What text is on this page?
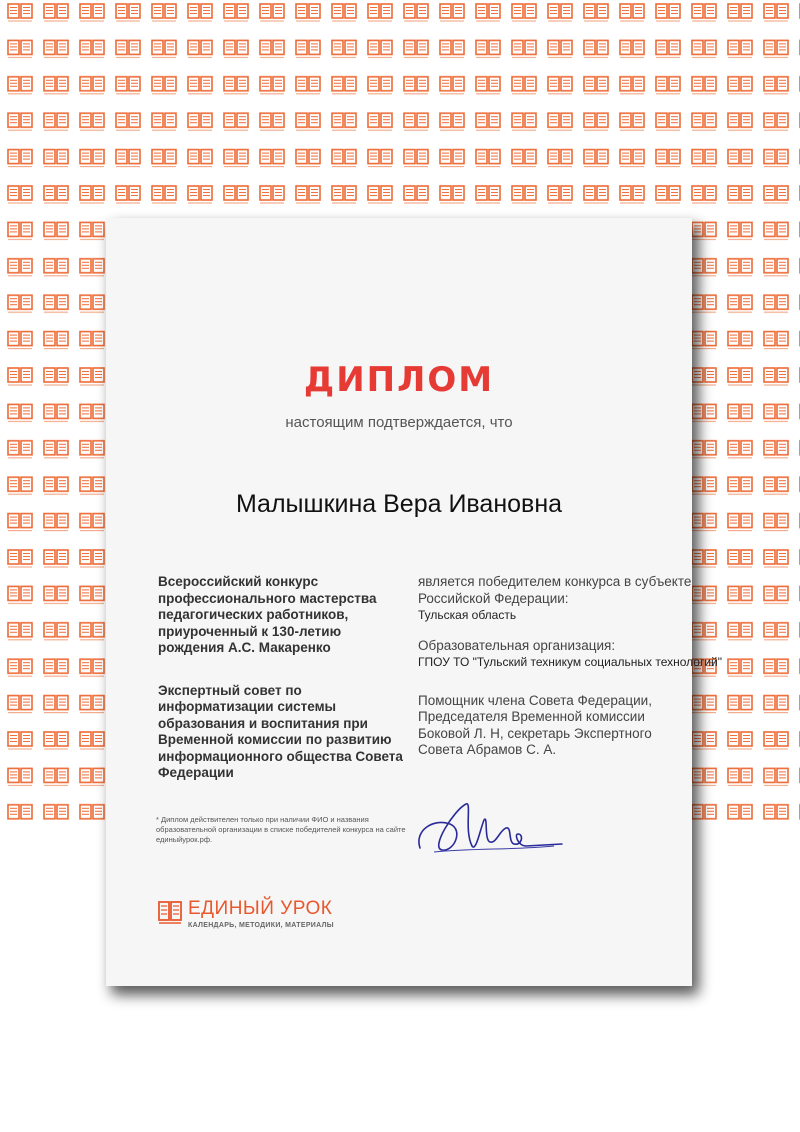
ДИПЛОМ
настоящим подтверждается, что
Малышкина Вера Ивановна
Всероссийский конкурс профессионального мастерства педагогических работников, приуроченный к 130-летию рождения А.С. Макаренко
Экспертный совет по информатизации системы образования и воспитания при Временной комиссии по развитию информационного общества Совета Федерации
является победителем конкурса в субъекте Российской Федерации:
Тульская область
Образовательная организация:
ГПОУ ТО "Тульский техникум социальных технологий"
Помощник члена Совета Федерации, Председателя Временной комиссии Боковой Л. Н, секретарь Экспертного Совета Абрамов С. А.
* Диплом действителен только при наличии ФИО и названия образовательной организации в списке победителей конкурса на сайте единыйурок.рф.
ЕДИНЫЙ УРОК
КАЛЕНДАРЬ, МЕТОДИКИ, МАТЕРИАЛЫ
